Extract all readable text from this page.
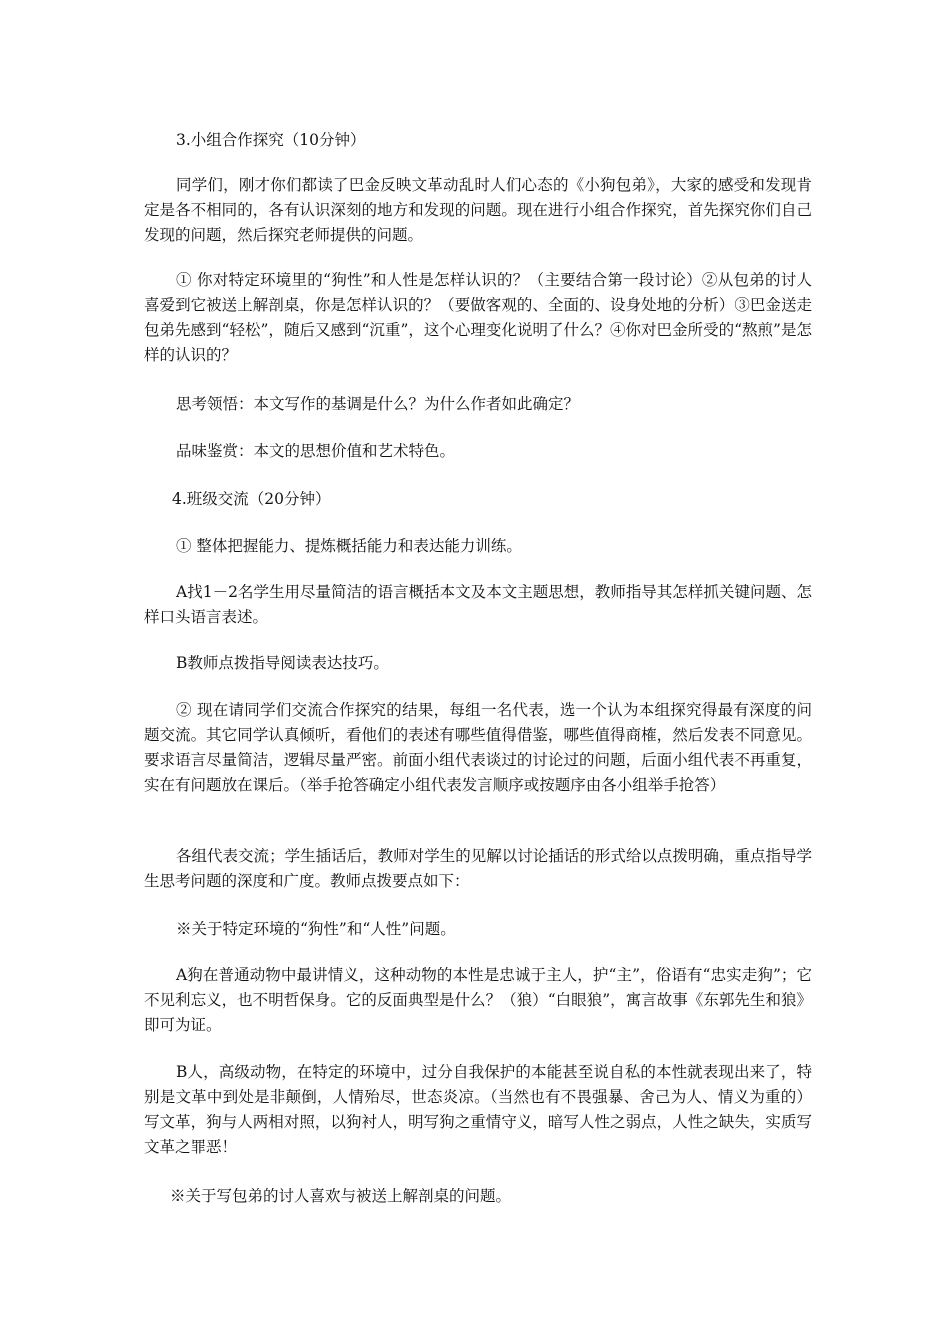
3.小组合作探究（10分钟）

同学们，刚才你们都读了巴金反映文革动乱时人们心态的《小狗包弟》，大家的感受和发现肯定是各不相同的，各有认识深刻的地方和发现的问题。现在进行小组合作探究，首先探究你们自己发现的问题，然后探究老师提供的问题。

① 你对特定环境里的“狗性”和人性是怎样认识的？（主要结合第一段讨论）②从包弟的讨人喜爱到它被送上解剖桌，你是怎样认识的？（要做客观的、全面的、设身处地的分析）③巴金送走包弟先感到“轻松”，随后又感到“沉重”，这个心理变化说明了什么？④你对巴金所受的“熬煎”是怎样的认识的？

思考领悟：本文写作的基调是什么？为什么作者如此确定？

品味鉴赏：本文的思想价值和艺术特色。

4.班级交流（20分钟）

① 整体把握能力、提炼概括能力和表达能力训练。

A找1－2名学生用尽量简洁的语言概括本文及本文主题思想，教师指导其怎样抓关键问题、怎样口头语言表述。

B教师点拨指导阅读表达技巧。

② 现在请同学们交流合作探究的结果，每组一名代表，选一个认为本组探究得最有深度的问题交流。其它同学认真倾听，看他们的表述有哪些值得借鉴，哪些值得商榷，然后发表不同意见。要求语言尽量简洁，逻辑尽量严密。前面小组代表谈过的讨论过的问题，后面小组代表不再重复，实在有问题放在课后。（举手抢答确定小组代表发言顺序或按题序由各小组举手抢答）

各组代表交流；学生插话后，教师对学生的见解以讨论插话的形式给以点拨明确，重点指导学生思考问题的深度和广度。教师点拨要点如下：

※关于特定环境的“狗性”和“人性”问题。

A狗在普通动物中最讲情义，这种动物的本性是忠诚于主人，护“主”，俗语有“忠实走狗”；它不见利忘义，也不明哲保身。它的反面典型是什么？（狼）“白眼狼”，寓言故事《东郭先生和狼》即可为证。

B人，高级动物，在特定的环境中，过分自我保护的本能甚至说自私的本性就表现出来了，特别是文革中到处是非颠倒，人情殆尽，世态炎凉。（当然也有不畏强暴、舍己为人、情义为重的）写文革，狗与人两相对照，以狗衬人，明写狗之重情守义，暗写人性之弱点，人性之缺失，实质写文革之罪恶！

※关于写包弟的讨人喜欢与被送上解剖桌的问题。
